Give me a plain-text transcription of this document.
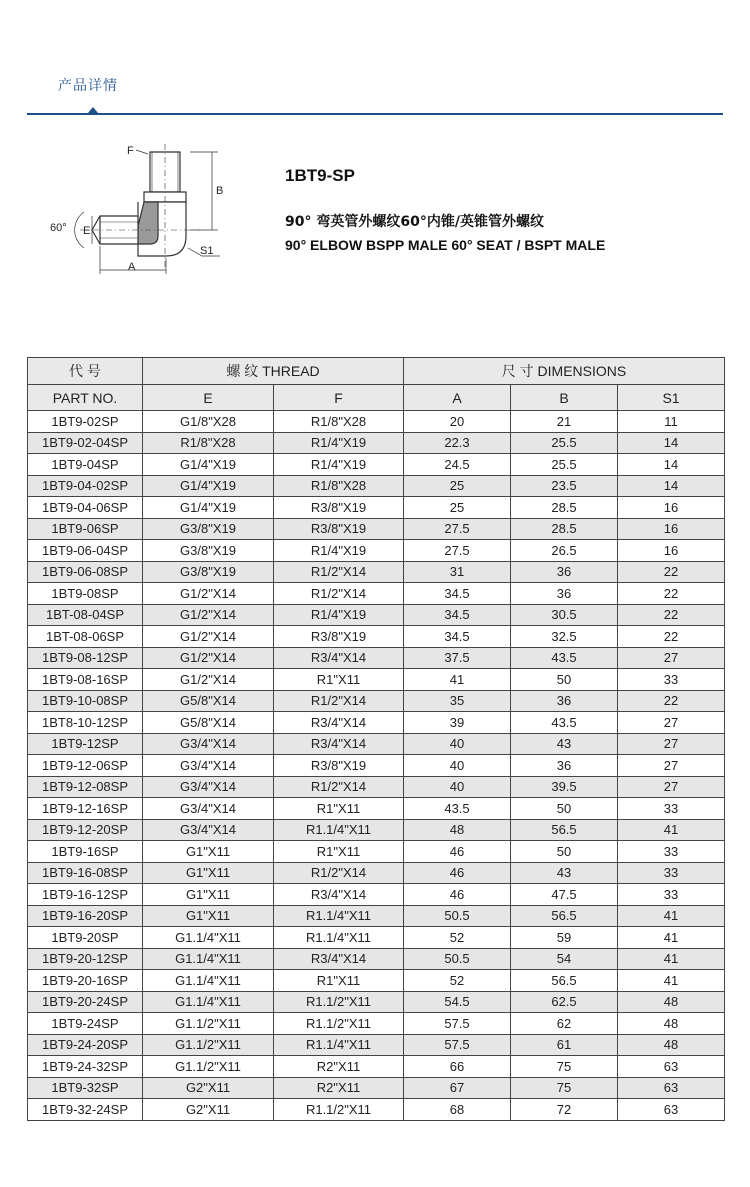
产品详情
F
B
E
A
S1
60°
1BT9-SP
90° 弯英管外螺纹60°内锥/英锥管外螺纹
90° ELBOW BSPP MALE 60° SEAT / BSPT MALE
代 号	螺 纹 THREAD		尺 寸 DIMENSIONS		
PART NO.	E	F	A	B	S1
1BT9-02SP	G1/8"X28	R1/8"X28	20	21	11
1BT9-02-04SP	R1/8"X28	R1/4"X19	22.3	25.5	14
1BT9-04SP	G1/4"X19	R1/4"X19	24.5	25.5	14
1BT9-04-02SP	G1/4"X19	R1/8"X28	25	23.5	14
1BT9-04-06SP	G1/4"X19	R3/8"X19	25	28.5	16
1BT9-06SP	G3/8"X19	R3/8"X19	27.5	28.5	16
1BT9-06-04SP	G3/8"X19	R1/4"X19	27.5	26.5	16
1BT9-06-08SP	G3/8"X19	R1/2"X14	31	36	22
1BT9-08SP	G1/2"X14	R1/2"X14	34.5	36	22
1BT-08-04SP	G1/2"X14	R1/4"X19	34.5	30.5	22
1BT-08-06SP	G1/2"X14	R3/8"X19	34.5	32.5	22
1BT9-08-12SP	G1/2"X14	R3/4"X14	37.5	43.5	27
1BT9-08-16SP	G1/2"X14	R1"X11	41	50	33
1BT9-10-08SP	G5/8"X14	R1/2"X14	35	36	22
1BT8-10-12SP	G5/8"X14	R3/4"X14	39	43.5	27
1BT9-12SP	G3/4"X14	R3/4"X14	40	43	27
1BT9-12-06SP	G3/4"X14	R3/8"X19	40	36	27
1BT9-12-08SP	G3/4"X14	R1/2"X14	40	39.5	27
1BT9-12-16SP	G3/4"X14	R1"X11	43.5	50	33
1BT9-12-20SP	G3/4"X14	R1.1/4"X11	48	56.5	41
1BT9-16SP	G1"X11	R1"X11	46	50	33
1BT9-16-08SP	G1"X11	R1/2"X14	46	43	33
1BT9-16-12SP	G1"X11	R3/4"X14	46	47.5	33
1BT9-16-20SP	G1"X11	R1.1/4"X11	50.5	56.5	41
1BT9-20SP	G1.1/4"X11	R1.1/4"X11	52	59	41
1BT9-20-12SP	G1.1/4"X11	R3/4"X14	50.5	54	41
1BT9-20-16SP	G1.1/4"X11	R1"X11	52	56.5	41
1BT9-20-24SP	G1.1/4"X11	R1.1/2"X11	54.5	62.5	48
1BT9-24SP	G1.1/2"X11	R1.1/2"X11	57.5	62	48
1BT9-24-20SP	G1.1/2"X11	R1.1/4"X11	57.5	61	48
1BT9-24-32SP	G1.1/2"X11	R2"X11	66	75	63
1BT9-32SP	G2"X11	R2"X11	67	75	63
1BT9-32-24SP	G2"X11	R1.1/2"X11	68	72	63
